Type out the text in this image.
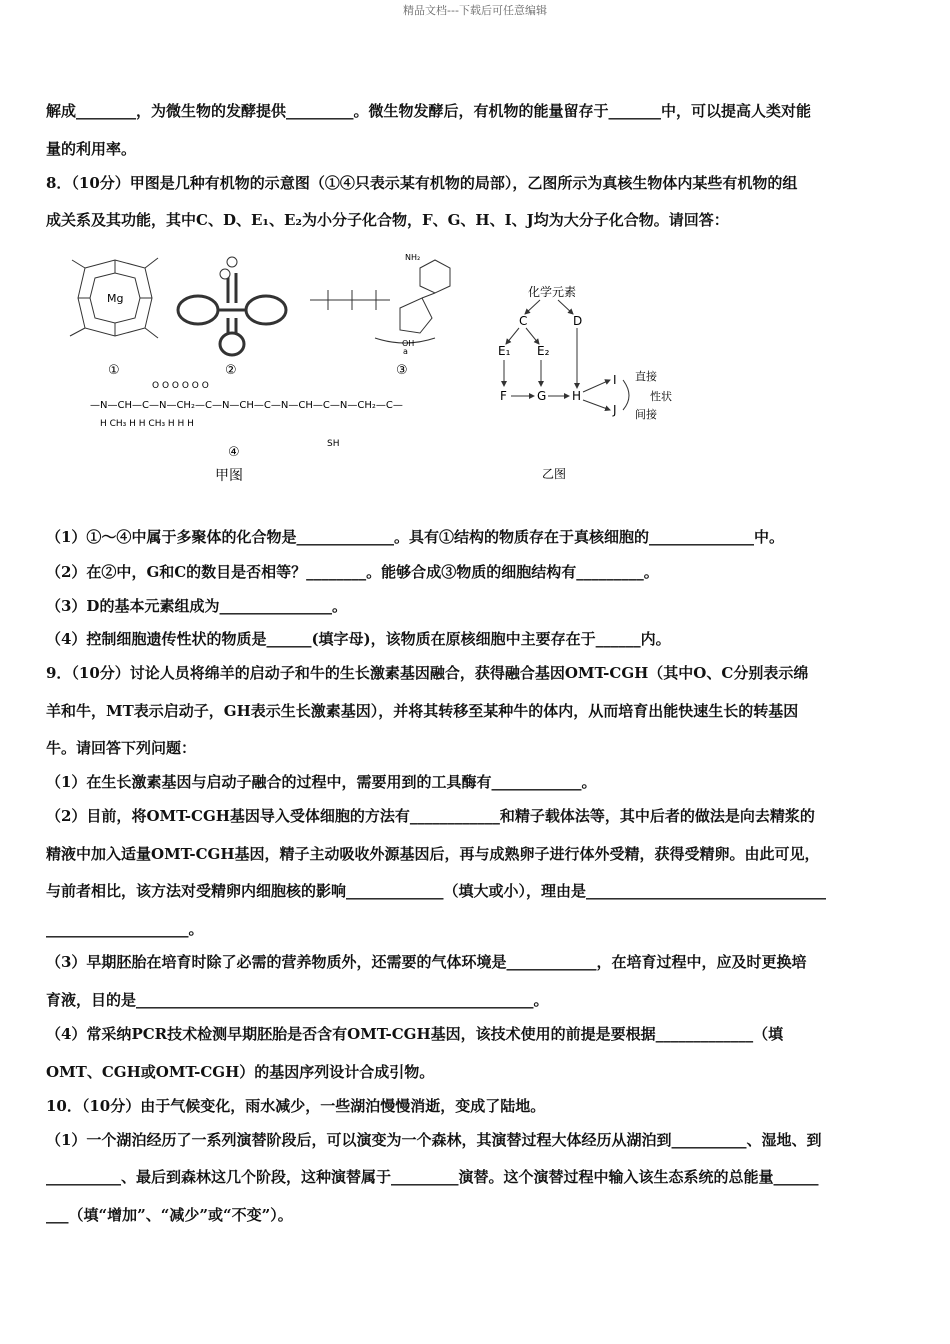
精品文档---下载后可任意编辑
解成________，为微生物的发酵提供_________。微生物发酵后，有机物的能量留存于_______中，可以提高人类对能
量的利用率。
8．（10分）甲图是几种有机物的示意图（①④只表示某有机物的局部），乙图所示为真核生物体内某些有机物的组
成关系及其功能，其中C、D、E₁、E₂为小分子化合物，F、G、H、I、J均为大分子化合物。请回答：
（1）①～④中属于多聚体的化合物是_____________。具有①结构的物质存在于真核细胞的______________中。
（2）在②中，G和C的数目是否相等？________。能够合成③物质的细胞结构有_________。
（3）D的基本元素组成为_______________。
（4）控制细胞遗传性状的物质是______(填字母)，该物质在原核细胞中主要存在于______内。
9．（10分）讨论人员将绵羊的启动子和牛的生长激素基因融合，获得融合基因OMT-CGH（其中O、C分别表示绵
羊和牛，MT表示启动子，GH表示生长激素基因），并将其转移至某种牛的体内，从而培育出能快速生长的转基因
牛。请回答下列问题：
（1）在生长激素基因与启动子融合的过程中，需要用到的工具酶有____________。
（2）目前，将OMT-CGH基因导入受体细胞的方法有____________和精子载体法等，其中后者的做法是向去精浆的
精液中加入适量OMT-CGH基因，精子主动吸收外源基因后，再与成熟卵子进行体外受精，获得受精卵。由此可见，
与前者相比，该方法对受精卵内细胞核的影响_____________（填大或小），理由是________________________________
___________________。
（3）早期胚胎在培育时除了必需的营养物质外，还需要的气体环境是____________，在培育过程中，应及时更换培
育液，目的是_____________________________________________________。
（4）常采纳PCR技术检测早期胚胎是否含有OMT-CGH基因，该技术使用的前提是要根据_____________（填
OMT、CGH或OMT-CGH）的基因序列设计合成引物。
10．（10分）由于气候变化，雨水减少，一些湖泊慢慢消逝，变成了陆地。
（1）一个湖泊经历了一系列演替阶段后，可以演变为一个森林，其演替过程大体经历从湖泊到__________、湿地、到
__________、最后到森林这几个阶段，这种演替属于_________演替。这个演替过程中输入该生态系统的总能量______
___（填“增加”、“减少”或“不变”）。
Mg
①	②
NH₂
OH
a
③
O O O O O O
—N—CH—C—N—CH₂—C—N—CH—C—N—CH—C—N—CH₂—C—
H CH₃ H H CH₃ H H H
SH
④
甲图
化学元素
C	D
E₁ E₂
F	G H
I
J
直接
性状
间接
乙图
